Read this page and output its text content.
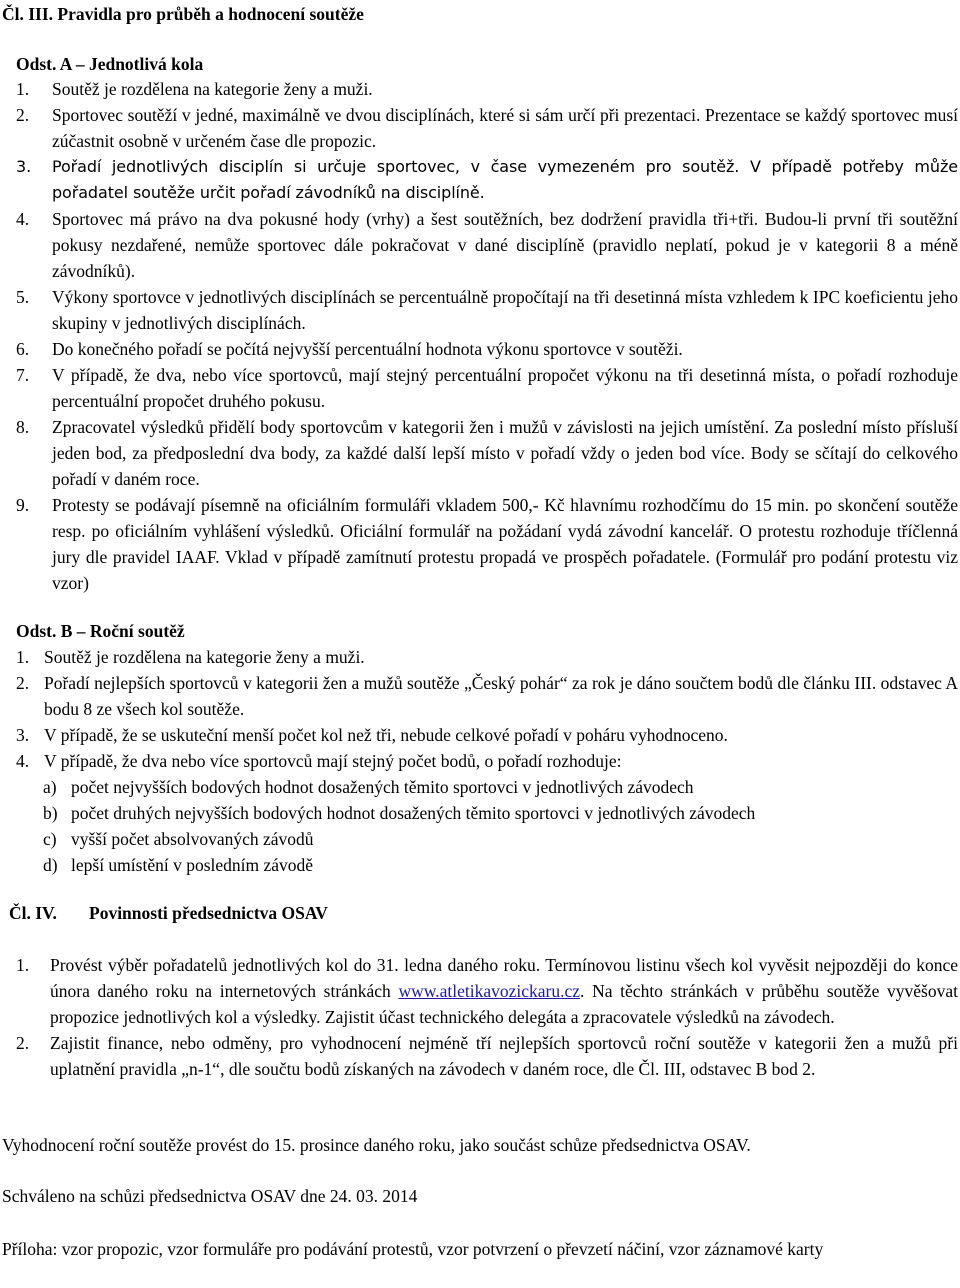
Čl. III. Pravidla pro průběh a hodnocení soutěže

Odst. A – Jednotlivá kola

1.	Soutěž je rozdělena na kategorie ženy a muži.
2.	Sportovec soutěží v jedné, maximálně ve dvou disciplínách, které si sám určí při prezentaci. Prezentace se každý sportovec musí zúčastnit osobně v určeném čase dle propozic.
3.	Pořadí jednotlivých disciplín si určuje sportovec, v čase vymezeném pro soutěž. V případě potřeby může pořadatel soutěže určit pořadí závodníků na disciplíně.
4.	Sportovec má právo na dva pokusné hody (vrhy) a šest soutěžních, bez dodržení pravidla tři+tři. Budou-li první tři soutěžní pokusy nezdařené, nemůže sportovec dále pokračovat v dané disciplíně (pravidlo neplatí, pokud je v kategorii 8 a méně závodníků).
5.	Výkony sportovce v jednotlivých disciplínách se percentuálně propočítají na tři desetinná místa vzhledem k IPC koeficientu jeho skupiny v jednotlivých disciplínách.
6.	Do konečného pořadí se počítá nejvyšší percentuální hodnota výkonu sportovce v soutěži.
7.	V případě, že dva, nebo více sportovců, mají stejný percentuální propočet výkonu na tři desetinná místa, o pořadí rozhoduje percentuální propočet druhého pokusu.
8.	Zpracovatel výsledků přidělí body sportovcům v kategorii žen i mužů v závislosti na jejich umístění. Za poslední místo přísluší jeden bod, za předposlední dva body, za každé další lepší místo v pořadí vždy o jeden bod více. Body se sčítají do celkového pořadí v daném roce.
9.	Protesty se podávají písemně na oficiálním formuláři vkladem 500,- Kč hlavnímu rozhodčímu do 15 min. po skončení soutěže resp. po oficiálním vyhlášení výsledků. Oficiální formulář na požádaní vydá závodní kancelář. O protestu rozhoduje tříčlenná jury dle pravidel IAAF. Vklad v případě zamítnutí protestu propadá ve prospěch pořadatele. (Formulář pro podání protestu viz vzor)

Odst. B – Roční soutěž

1. Soutěž je rozdělena na kategorie ženy a muži.
2. Pořadí nejlepších sportovců v kategorii žen a mužů soutěže „Český pohár“ za rok je dáno součtem bodů dle článku III. odstavec A bodu 8 ze všech kol soutěže.
3. V případě, že se uskuteční menší počet kol než tři, nebude celkové pořadí v poháru vyhodnoceno.
4. V případě, že dva nebo více sportovců mají stejný počet bodů, o pořadí rozhoduje:
a) počet nejvyšších bodových hodnot dosažených těmito sportovci v jednotlivých závodech
b) počet druhých nejvyšších bodových hodnot dosažených těmito sportovci v jednotlivých závodech
c) vyšší počet absolvovaných závodů
d) lepší umístění v posledním závodě
Čl. IV.	Povinnosti předsednictva OSAV
1.	Provést výběr pořadatelů jednotlivých kol do 31. ledna daného roku. Termínovou listinu všech kol vyvěsit nejpozději do konce února daného roku na internetových stránkách www.atletikavozickaru.cz. Na těchto stránkách v průběhu soutěže vyvěšovat propozice jednotlivých kol a výsledky. Zajistit účast technického delegáta a zpracovatele výsledků na závodech.
2.	Zajistit finance, nebo odměny, pro vyhodnocení nejméně tří nejlepších sportovců roční soutěže v kategorii žen a mužů při uplatnění pravidla „n-1“, dle součtu bodů získaných na závodech v daném roce, dle Čl. III, odstavec B bod 2.

Vyhodnocení roční soutěže provést do 15. prosince daného roku, jako součást schůze předsednictva OSAV.

Schváleno na schůzi předsednictva OSAV dne 24. 03. 2014

Příloha: vzor propozic, vzor formuláře pro podávání protestů, vzor potvrzení o převzetí náčiní, vzor záznamové karty
